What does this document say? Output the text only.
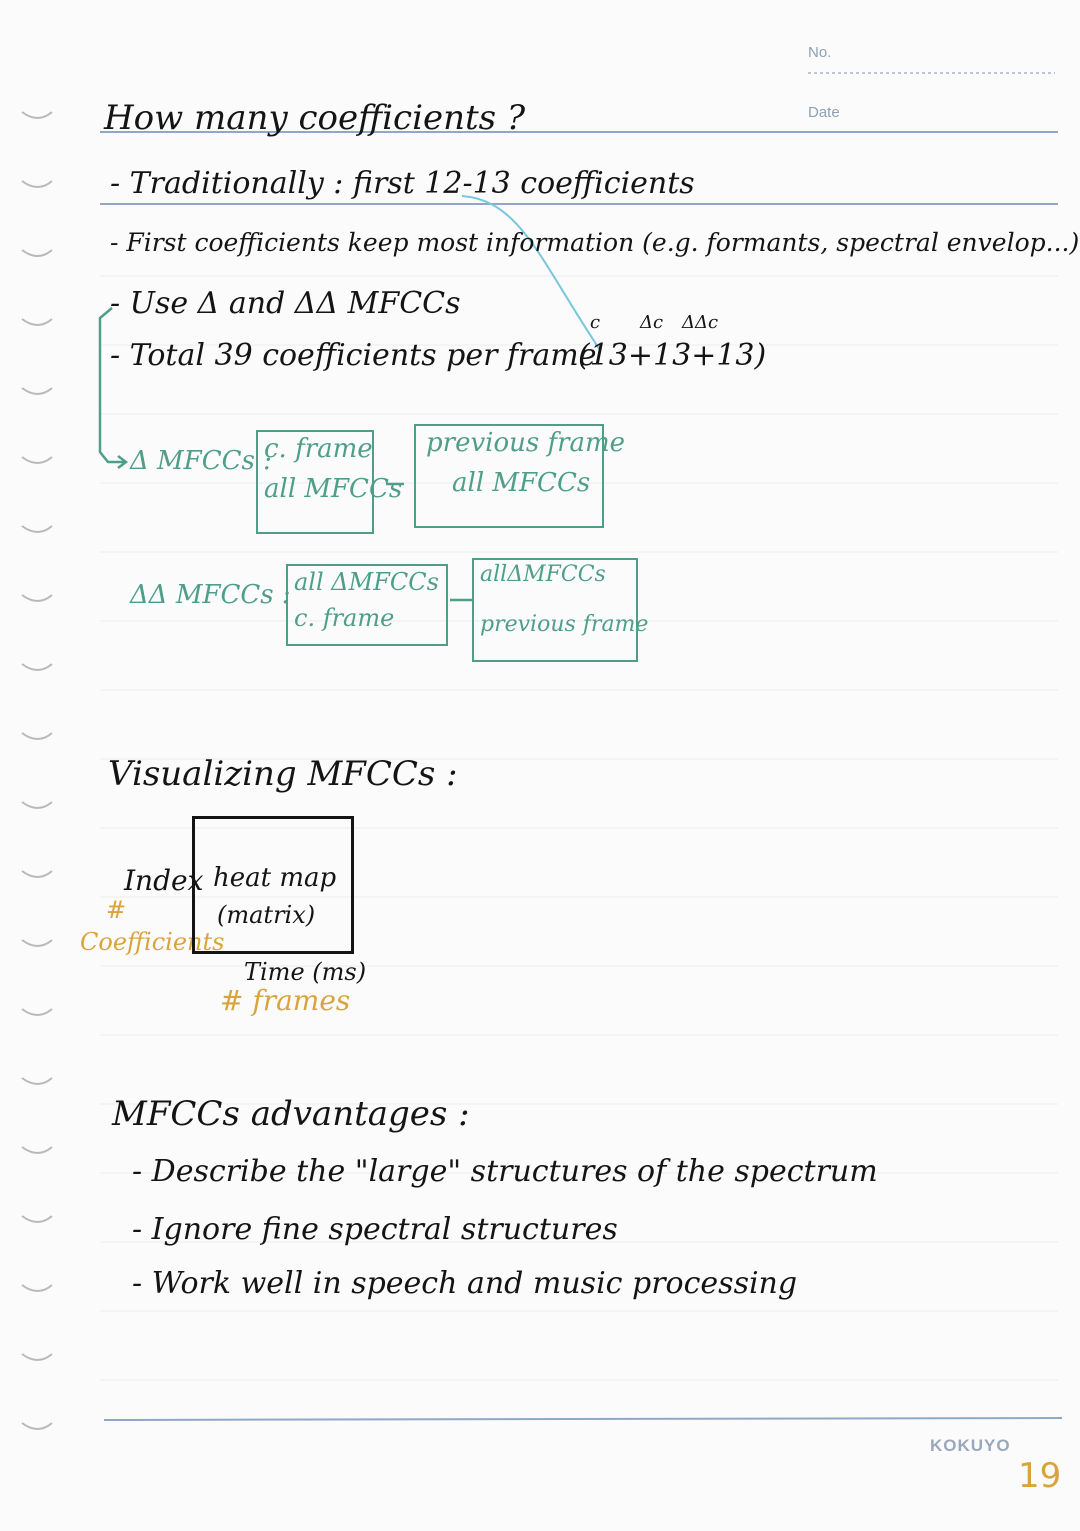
No.
Date
How many coefficients ?
- Traditionally : first 12-13 coefficients
- First coefficients keep most information (e.g. formants, spectral envelop...)
- Use Δ and ΔΔ MFCCs
- Total 39 coefficients per frame
(13+13+13)
c Δc ΔΔc
Δ MFCCs :
c. frame
all MFCCs
previous frame
all MFCCs
ΔΔ MFCCs : all ΔMFCCs
c. frame
allΔMFCCs
previous frame
Visualizing MFCCs :
Index
#
Coefficients
heat map
(matrix)
Time (ms)
# frames
MFCCs advantages :
- Describe the "large" structures of the spectrum
- Ignore fine spectral structures
- Work well in speech and music processing
KOKUYO
19
